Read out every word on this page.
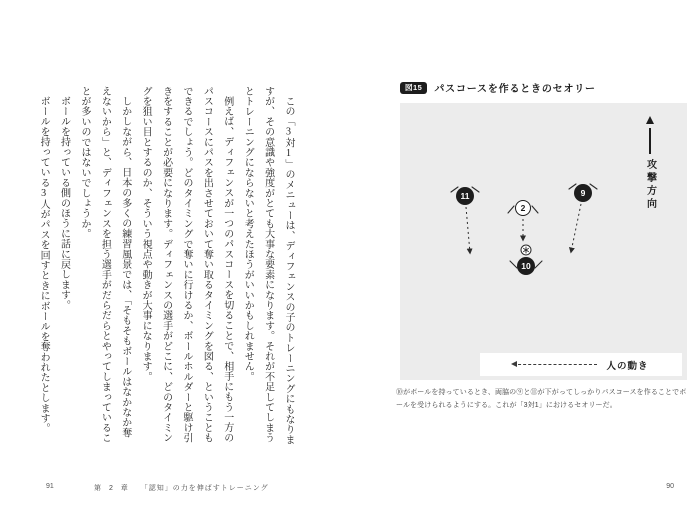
この「3対1」のメニューは、ディフェンスの子のトレーニングにもなりま

すが、その意識や強度がとても大事な要素になります。それが不足してしまう

とトレーニングにならないと考えたほうがいいかもしれません。

例えば、ディフェンスが一つのパスコースを切ることで、相手にもう一方の

パスコースにパスを出させておいて奪い取るタイミングを図る、ということも

できるでしょう。どのタイミングで奪いに行けるか、ボールホルダーと駆け引

きをすることが必要になります。ディフェンスの選手がどこに、どのタイミン

グを狙い目とするのか、そういう視点や動きが大事になります。

しかしながら、日本の多くの練習風景では、「そもそもボールはなかなか奪

えないから」と、ディフェンスを担う選手がだらだらとやってしまっているこ

とが多いのではないでしょうか。

ボールを持っている側のほうに話に戻します。

ボールを持っている3人がパスを回すときにボールを奪われたとします。

図15	パスコースを作るときのセオリー
11
2
9
10
攻撃方向
人の動き
⑩がボールを持っているとき、両脇の⑨と⑪が下がってしっかりパスコースを作ることでボールを受けられるようにする。これが「3対1」におけるセオリーだ。
91	第 2 章 「認知」の力を伸ばすトレーニング	90
